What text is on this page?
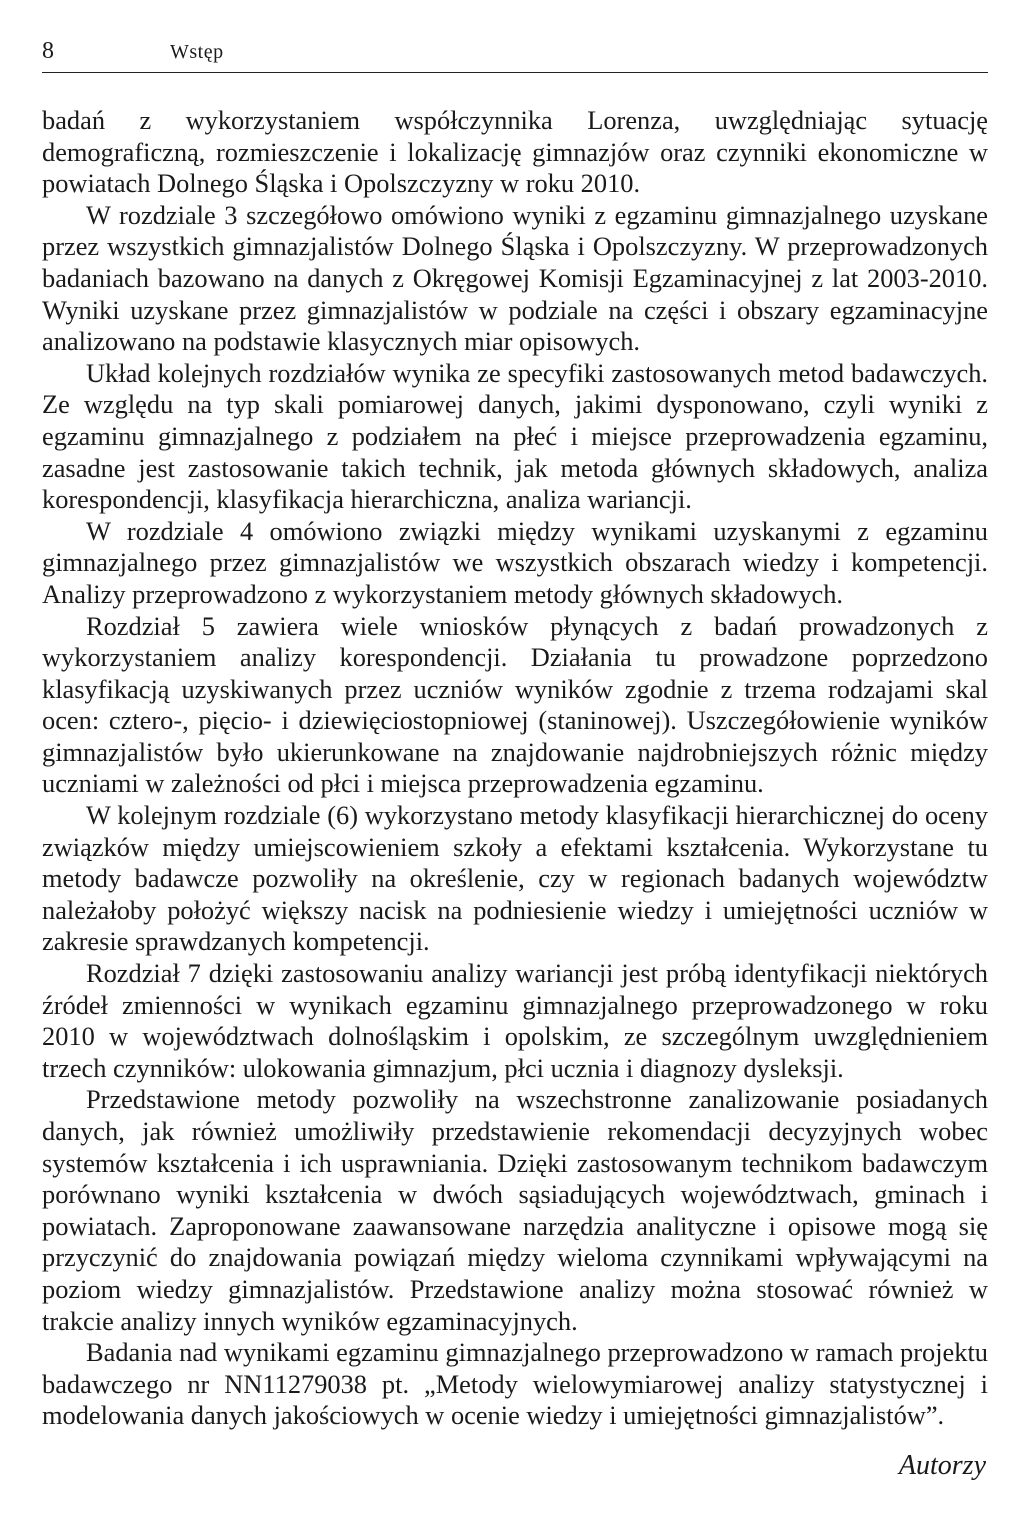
8	Wstęp

badań z wykorzystaniem współczynnika Lorenza, uwzględniając sytuację demograficzną, rozmieszczenie i lokalizację gimnazjów oraz czynniki ekonomiczne w powiatach Dolnego Śląska i Opolszczyzny w roku 2010.

W rozdziale 3 szczegółowo omówiono wyniki z egzaminu gimnazjalnego uzyskane przez wszystkich gimnazjalistów Dolnego Śląska i Opolszczyzny. W przeprowadzonych badaniach bazowano na danych z Okręgowej Komisji Egzaminacyjnej z lat 2003-2010. Wyniki uzyskane przez gimnazjalistów w podziale na części i obszary egzaminacyjne analizowano na podstawie klasycznych miar opisowych.

Układ kolejnych rozdziałów wynika ze specyfiki zastosowanych metod badawczych. Ze względu na typ skali pomiarowej danych, jakimi dysponowano, czyli wyniki z egzaminu gimnazjalnego z podziałem na płeć i miejsce przeprowadzenia egzaminu, zasadne jest zastosowanie takich technik, jak metoda głównych składowych, analiza korespondencji, klasyfikacja hierarchiczna, analiza wariancji.

W rozdziale 4 omówiono związki między wynikami uzyskanymi z egzaminu gimnazjalnego przez gimnazjalistów we wszystkich obszarach wiedzy i kompetencji. Analizy przeprowadzono z wykorzystaniem metody głównych składowych.

Rozdział 5 zawiera wiele wniosków płynących z badań prowadzonych z wykorzystaniem analizy korespondencji. Działania tu prowadzone poprzedzono klasyfikacją uzyskiwanych przez uczniów wyników zgodnie z trzema rodzajami skal ocen: cztero-, pięcio- i dziewięciostopniowej (staninowej). Uszczegółowienie wyników gimnazjalistów było ukierunkowane na znajdowanie najdrobniejszych różnic między uczniami w zależności od płci i miejsca przeprowadzenia egzaminu.

W kolejnym rozdziale (6) wykorzystano metody klasyfikacji hierarchicznej do oceny związków między umiejscowieniem szkoły a efektami kształcenia. Wykorzystane tu metody badawcze pozwoliły na określenie, czy w regionach badanych województw należałoby położyć większy nacisk na podniesienie wiedzy i umiejętności uczniów w zakresie sprawdzanych kompetencji.

Rozdział 7 dzięki zastosowaniu analizy wariancji jest próbą identyfikacji niektórych źródeł zmienności w wynikach egzaminu gimnazjalnego przeprowadzonego w roku 2010 w województwach dolnośląskim i opolskim, ze szczególnym uwzględnieniem trzech czynników: ulokowania gimnazjum, płci ucznia i diagnozy dysleksji.

Przedstawione metody pozwoliły na wszechstronne zanalizowanie posiadanych danych, jak również umożliwiły przedstawienie rekomendacji decyzyjnych wobec systemów kształcenia i ich usprawniania. Dzięki zastosowanym technikom badawczym porównano wyniki kształcenia w dwóch sąsiadujących województwach, gminach i powiatach. Zaproponowane zaawansowane narzędzia analityczne i opisowe mogą się przyczynić do znajdowania powiązań między wieloma czynnikami wpływającymi na poziom wiedzy gimnazjalistów. Przedstawione analizy można stosować również w trakcie analizy innych wyników egzaminacyjnych.

Badania nad wynikami egzaminu gimnazjalnego przeprowadzono w ramach projektu badawczego nr NN11279038 pt. „Metody wielowymiarowej analizy statystycznej i modelowania danych jakościowych w ocenie wiedzy i umiejętności gimnazjalistów”.

Autorzy
